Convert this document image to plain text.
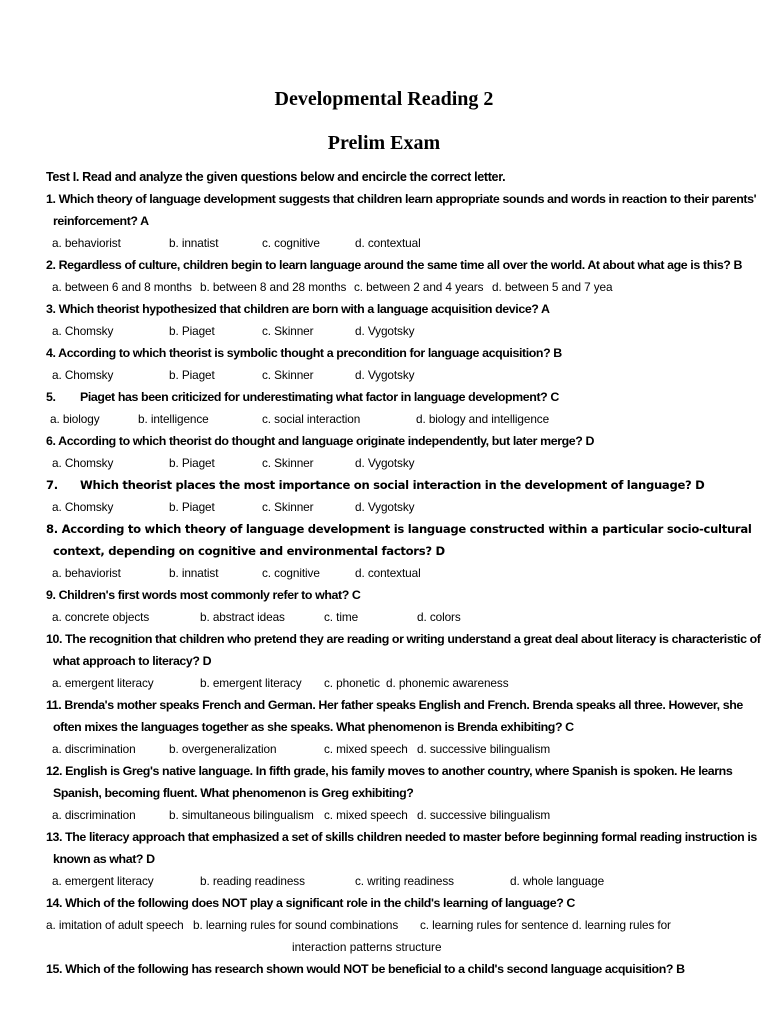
Developmental Reading 2
Prelim Exam
Test I. Read and analyze the given questions below and encircle the correct letter.
1. Which theory of language development suggests that children learn appropriate sounds and words in reaction to their parents'
reinforcement? A
a. behaviorist	b. innatist	c. cognitive	d. contextual
2. Regardless of culture, children begin to learn language around the same time all over the world. At about what age is this? B
a. between 6 and 8 months b. between 8 and 28 months c. between 2 and 4 years d. between 5 and 7 yea
3. Which theorist hypothesized that children are born with a language acquisition device? A
a. Chomsky	b. Piaget	c. Skinner	d. Vygotsky
4. According to which theorist is symbolic thought a precondition for language acquisition? B
a. Chomsky	b. Piaget	c. Skinner	d. Vygotsky
5. Piaget has been criticized for underestimating what factor in language development? C
a. biology	b. intelligence	c. social interaction	d. biology and intelligence
6. According to which theorist do thought and language originate independently, but later merge? D
a. Chomsky	b. Piaget	c. Skinner	d. Vygotsky
7. Which theorist places the most importance on social interaction in the development of language? D
a. Chomsky	b. Piaget	c. Skinner	d. Vygotsky
8. According to which theory of language development is language constructed within a particular socio-cultural
context, depending on cognitive and environmental factors? D
a. behaviorist	b. innatist	c. cognitive	d. contextual
9. Children's first words most commonly refer to what? C
a. concrete objects	b. abstract ideas	c. time	d. colors
10. The recognition that children who pretend they are reading or writing understand a great deal about literacy is characteristic of
what approach to literacy? D
a. emergent literacy	b. emergent literacy c. phonetic d. phonemic awareness
11. Brenda's mother speaks French and German. Her father speaks English and French. Brenda speaks all three. However, she
often mixes the languages together as she speaks. What phenomenon is Brenda exhibiting? C
a. discrimination	b. overgeneralization	c. mixed speech d. successive bilingualism
12. English is Greg's native language. In fifth grade, his family moves to another country, where Spanish is spoken. He learns
Spanish, becoming fluent. What phenomenon is Greg exhibiting?
a. discrimination	b. simultaneous bilingualism c. mixed speech d. successive bilingualism
13. The literacy approach that emphasized a set of skills children needed to master before beginning formal reading instruction is
known as what? D
a. emergent literacy	b. reading readiness	c. writing readiness	d. whole language
14. Which of the following does NOT play a significant role in the child's learning of language? C
a. imitation of adult speech b. learning rules for sound combinations c. learning rules for sentence d. learning rules for
interaction patterns structure
15. Which of the following has research shown would NOT be beneficial to a child's second language acquisition? B
